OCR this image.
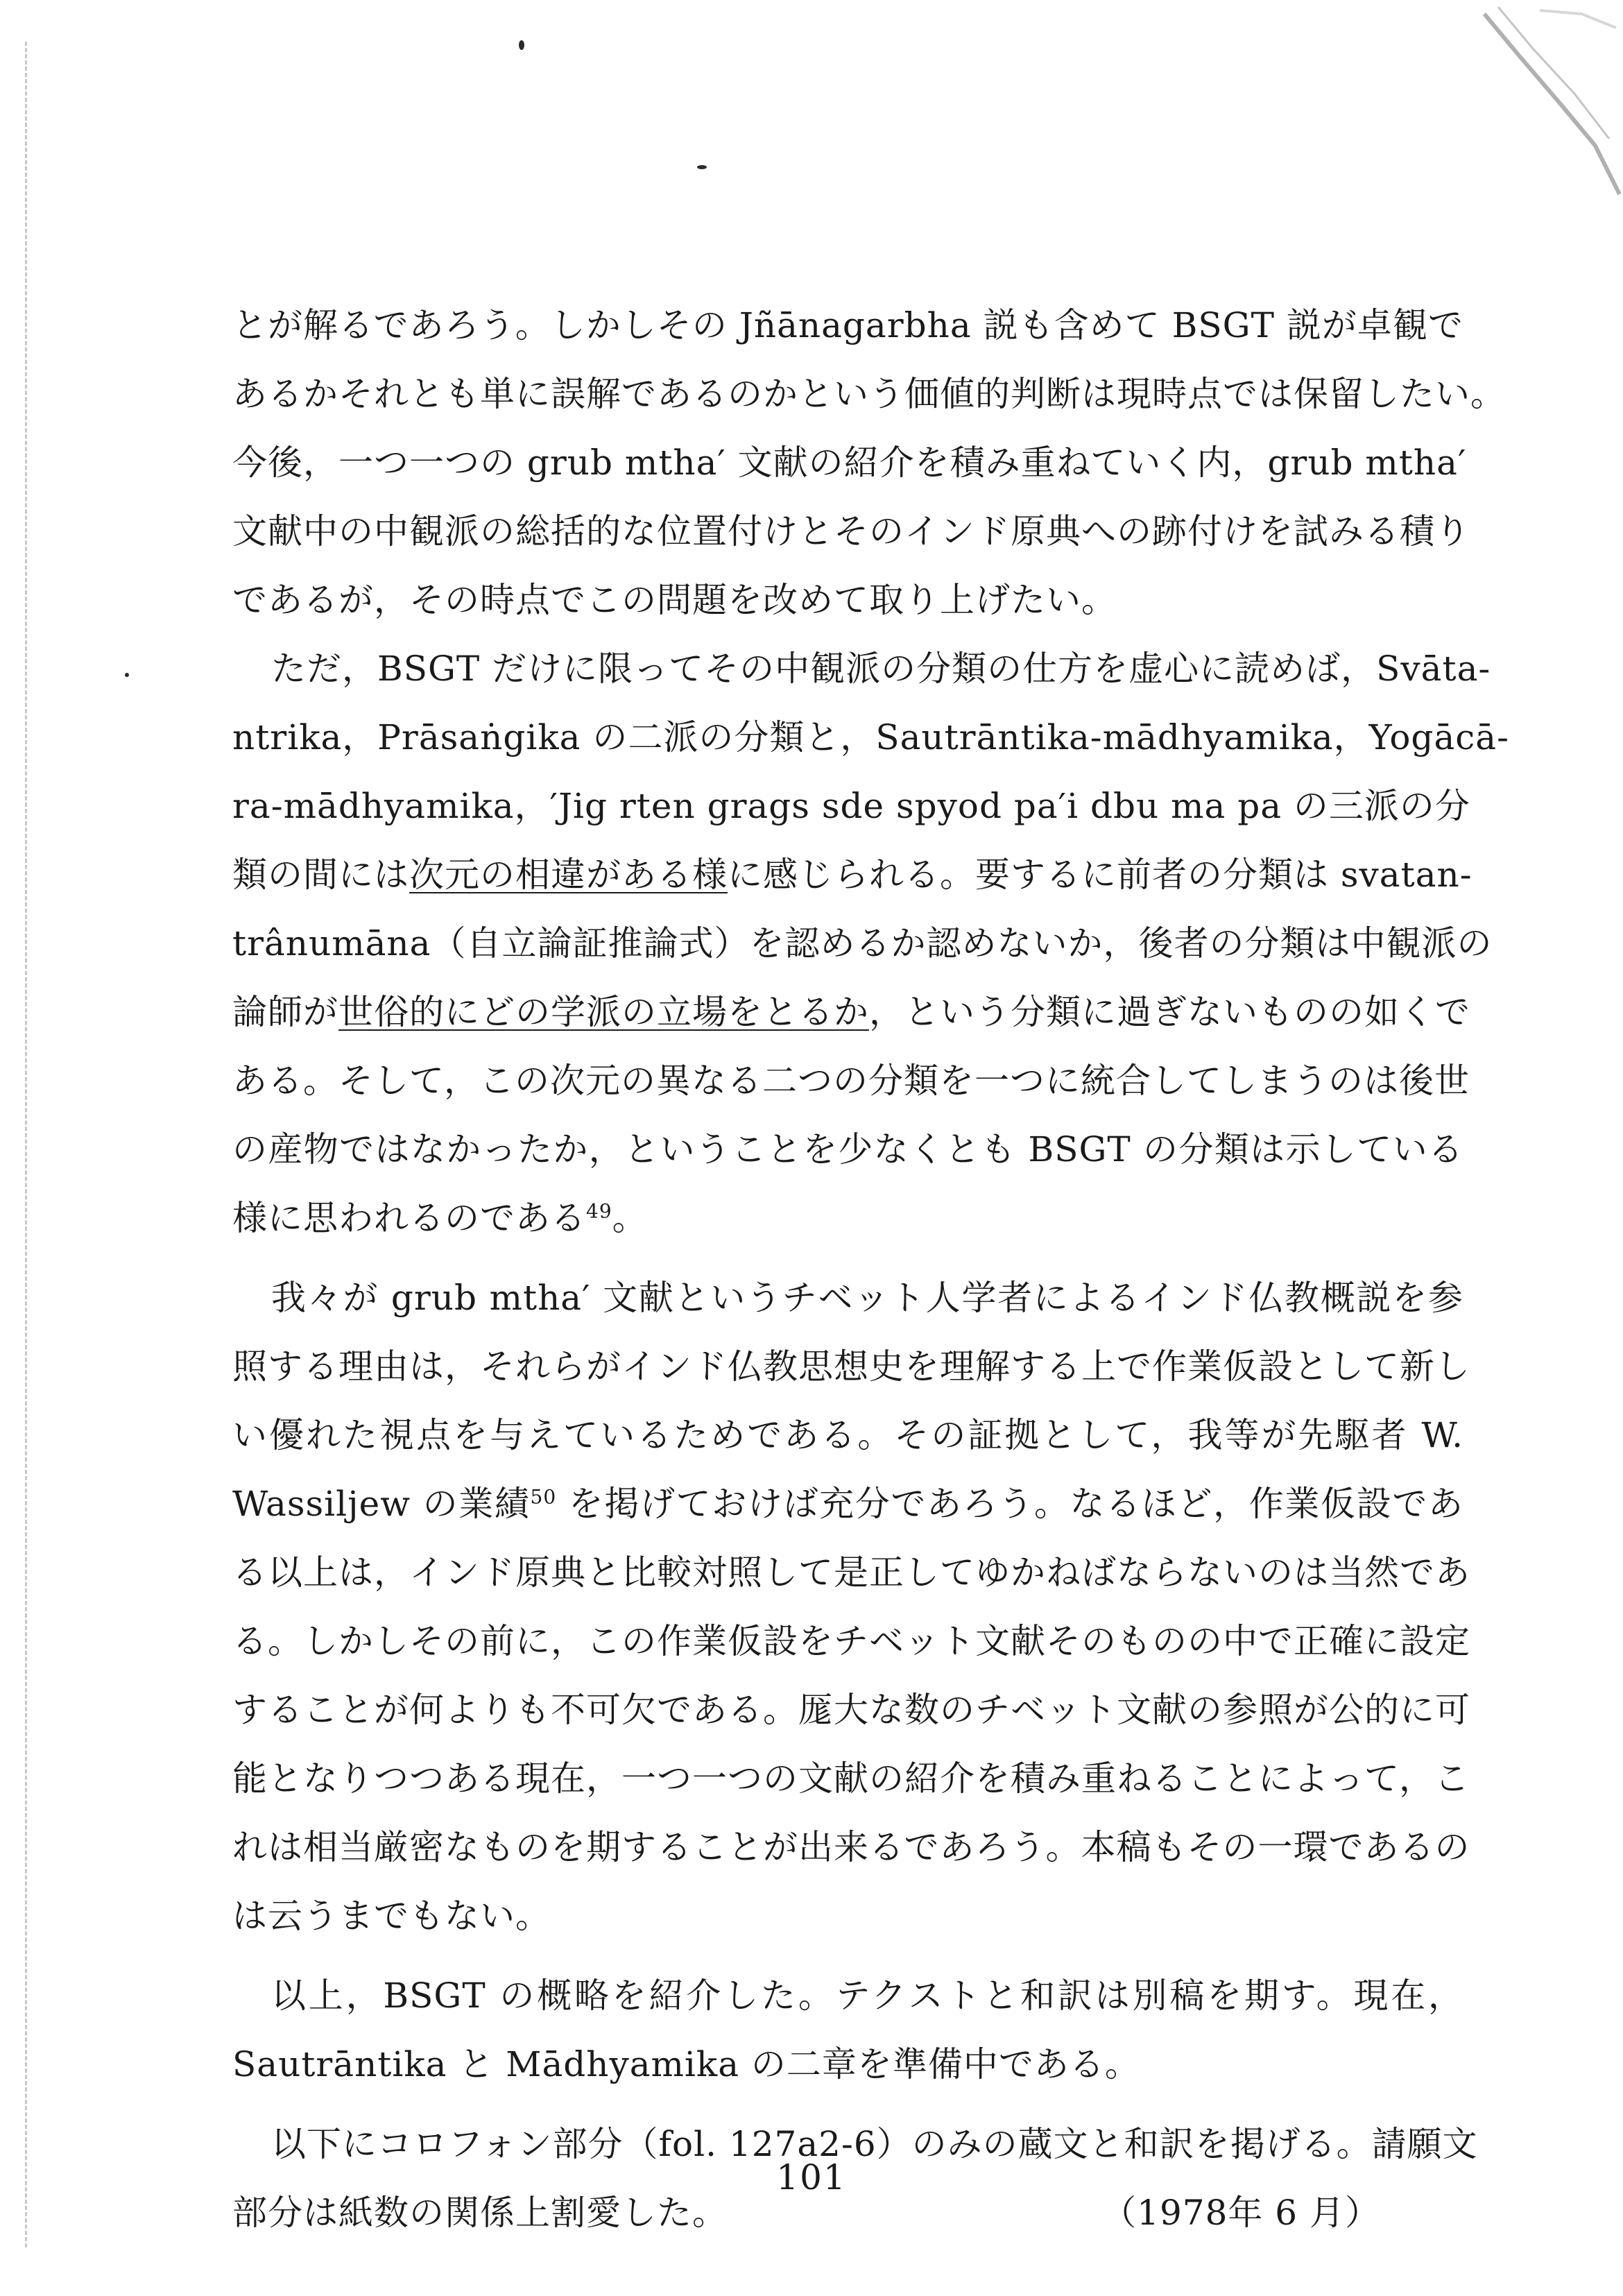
とが解るであろう。しかしその Jñānagarbha 説も含めて BSGT 説が卓観で
あるかそれとも単に誤解であるのかという価値的判断は現時点では保留したい。
今後，一つ一つの grub mtha′ 文献の紹介を積み重ねていく内，grub mtha′
文献中の中観派の総括的な位置付けとそのインド原典への跡付けを試みる積り
であるが，その時点でこの問題を改めて取り上げたい。
ただ，BSGT だけに限ってその中観派の分類の仕方を虚心に読めば，Svāta-
ntrika，Prāsaṅgika の二派の分類と，Sautrāntika-mādhyamika，Yogācā-
ra-mādhyamika，′Jig rten grags sde spyod pa′i dbu ma pa の三派の分
類の間には次元の相違がある様に感じられる。要するに前者の分類は svatan-
trânumāna（自立論証推論式）を認めるか認めないか，後者の分類は中観派の
論師が世俗的にどの学派の立場をとるか，という分類に過ぎないものの如くで
ある。そして，この次元の異なる二つの分類を一つに統合してしまうのは後世
の産物ではなかったか，ということを少なくとも BSGT の分類は示している
様に思われるのである$^{49}$。
我々が grub mtha′ 文献というチベット人学者によるインド仏教概説を参
照する理由は，それらがインド仏教思想史を理解する上で作業仮設として新し
い優れた視点を与えているためである。その証拠として，我等が先駆者 W.
Wassiljew の業績$^{50}$ を掲げておけば充分であろう。なるほど，作業仮設であ
る以上は，インド原典と比較対照して是正してゆかねばならないのは当然であ
る。しかしその前に，この作業仮設をチベット文献そのものの中で正確に設定
することが何よりも不可欠である。厖大な数のチベット文献の参照が公的に可
能となりつつある現在，一つ一つの文献の紹介を積み重ねることによって，こ
れは相当厳密なものを期することが出来るであろう。本稿もその一環であるの
は云うまでもない。
以上，BSGT の概略を紹介した。テクストと和訳は別稿を期す。現在，
Sautrāntika と Mādhyamika の二章を準備中である。
以下にコロフォン部分（fol. 127a2-6）のみの蔵文と和訳を掲げる。請願文
部分は紙数の関係上割愛した。	（1978年 6 月）
101
